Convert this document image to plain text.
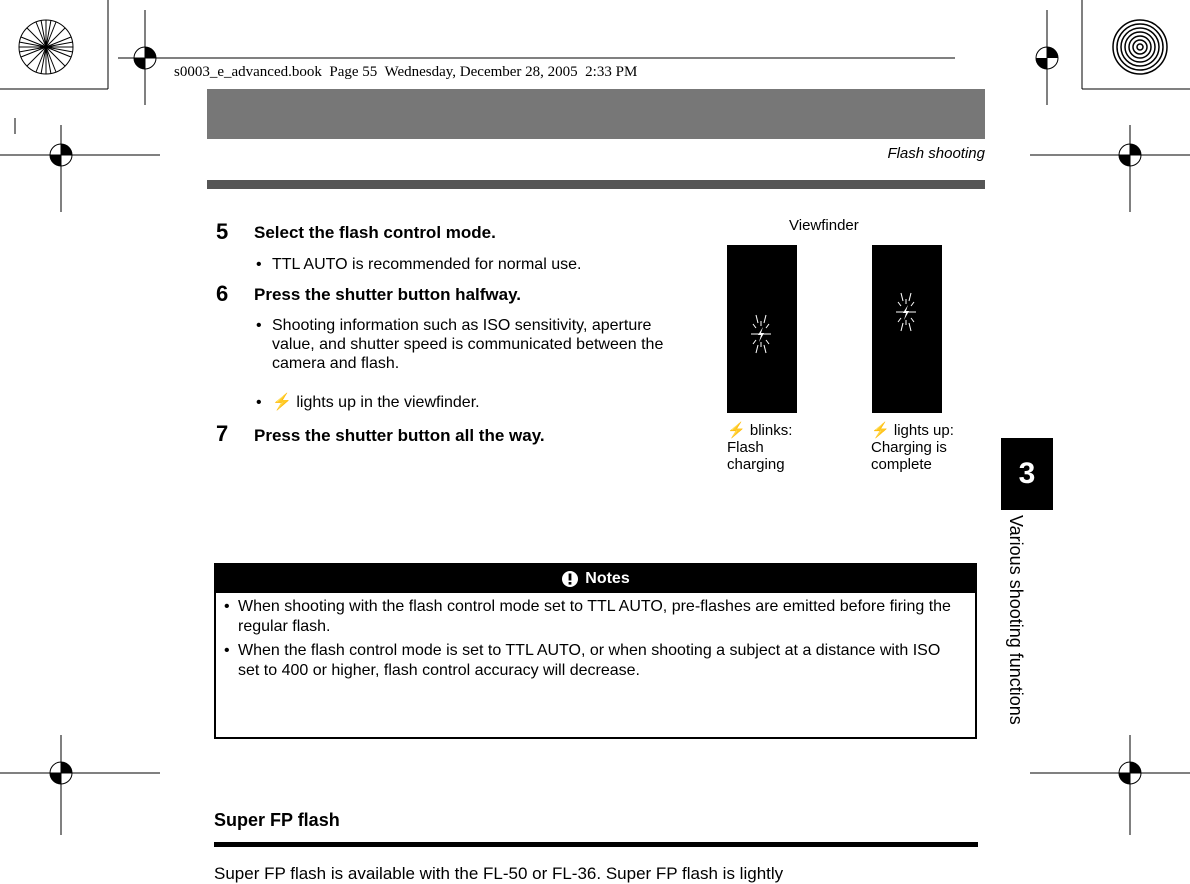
s0003_e_advanced.book  Page 55  Wednesday, December 28, 2005  2:33 PM
Flash shooting
5 Select the flash control mode.
• TTL AUTO is recommended for normal use.
6 Press the shutter button halfway.
• Shooting information such as ISO sensitivity, aperture value, and shutter speed is communicated between the camera and flash.
• ⚡ lights up in the viewfinder.
7 Press the shutter button all the way.
Viewfinder
⚡ blinks:
Flash
charging
⚡ lights up:
Charging is
complete	3
Various shooting functions
Notes
• When shooting with the flash control mode set to TTL AUTO, pre-flashes are emitted before firing the regular flash.
• When the flash control mode is set to TTL AUTO, or when shooting a subject at a distance with ISO set to 400 or higher, flash control accuracy will decrease.
Super FP flash
Super FP flash is available with the FL-50 or FL-36. Super FP flash is lightly
